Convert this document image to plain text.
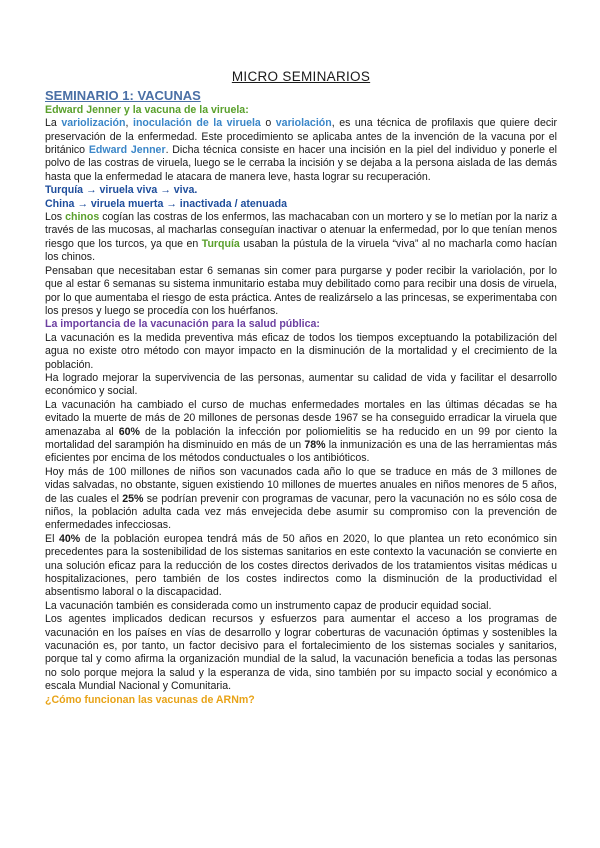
MICRO SEMINARIOS

SEMINARIO 1: VACUNAS

Edward Jenner y la vacuna de la viruela:

La variolización, inoculación de la viruela o variolación, es una técnica de profilaxis que quiere decir preservación de la enfermedad. Este procedimiento se aplicaba antes de la invención de la vacuna por el británico Edward Jenner. Dicha técnica consiste en hacer una incisión en la piel del individuo y ponerle el polvo de las costras de viruela, luego se le cerraba la incisión y se dejaba a la persona aislada de las demás hasta que la enfermedad le atacara de manera leve, hasta lograr su recuperación.

Turquía → viruela viva → viva.

China → viruela muerta → inactivada / atenuada

Los chinos cogían las costras de los enfermos, las machacaban con un mortero y se lo metían por la nariz a través de las mucosas, al macharlas conseguían inactivar o atenuar la enfermedad, por lo que tenían menos riesgo que los turcos, ya que en Turquía usaban la pústula de la viruela “viva” al no macharla como hacían los chinos.

Pensaban que necesitaban estar 6 semanas sin comer para purgarse y poder recibir la variolación, por lo que al estar 6 semanas su sistema inmunitario estaba muy debilitado como para recibir una dosis de viruela, por lo que aumentaba el riesgo de esta práctica. Antes de realizárselo a las princesas, se experimentaba con los presos y luego se procedía con los huérfanos.

La importancia de la vacunación para la salud pública:

La vacunación es la medida preventiva más eficaz de todos los tiempos exceptuando la potabilización del agua no existe otro método con mayor impacto en la disminución de la mortalidad y el crecimiento de la población.

Ha logrado mejorar la supervivencia de las personas, aumentar su calidad de vida y facilitar el desarrollo económico y social.

La vacunación ha cambiado el curso de muchas enfermedades mortales en las últimas décadas se ha evitado la muerte de más de 20 millones de personas desde 1967 se ha conseguido erradicar la viruela que amenazaba al 60% de la población la infección por poliomielitis se ha reducido en un 99 por ciento la mortalidad del sarampión ha disminuido en más de un 78% la inmunización es una de las herramientas más eficientes por encima de los métodos conductuales o los antibióticos.

Hoy más de 100 millones de niños son vacunados cada año lo que se traduce en más de 3 millones de vidas salvadas, no obstante, siguen existiendo 10 millones de muertes anuales en niños menores de 5 años, de las cuales el 25% se podrían prevenir con programas de vacunar, pero la vacunación no es sólo cosa de niños, la población adulta cada vez más envejecida debe asumir su compromiso con la prevención de enfermedades infecciosas.

El 40% de la población europea tendrá más de 50 años en 2020, lo que plantea un reto económico sin precedentes para la sostenibilidad de los sistemas sanitarios en este contexto la vacunación se convierte en una solución eficaz para la reducción de los costes directos derivados de los tratamientos visitas médicas u hospitalizaciones, pero también de los costes indirectos como la disminución de la productividad el absentismo laboral o la discapacidad.

La vacunación también es considerada como un instrumento capaz de producir equidad social.

Los agentes implicados dedican recursos y esfuerzos para aumentar el acceso a los programas de vacunación en los países en vías de desarrollo y lograr coberturas de vacunación óptimas y sostenibles la vacunación es, por tanto, un factor decisivo para el fortalecimiento de los sistemas sociales y sanitarios, porque tal y como afirma la organización mundial de la salud, la vacunación beneficia a todas las personas no solo porque mejora la salud y la esperanza de vida, sino también por su impacto social y económico a escala Mundial Nacional y Comunitaria.

¿Cómo funcionan las vacunas de ARNm?
